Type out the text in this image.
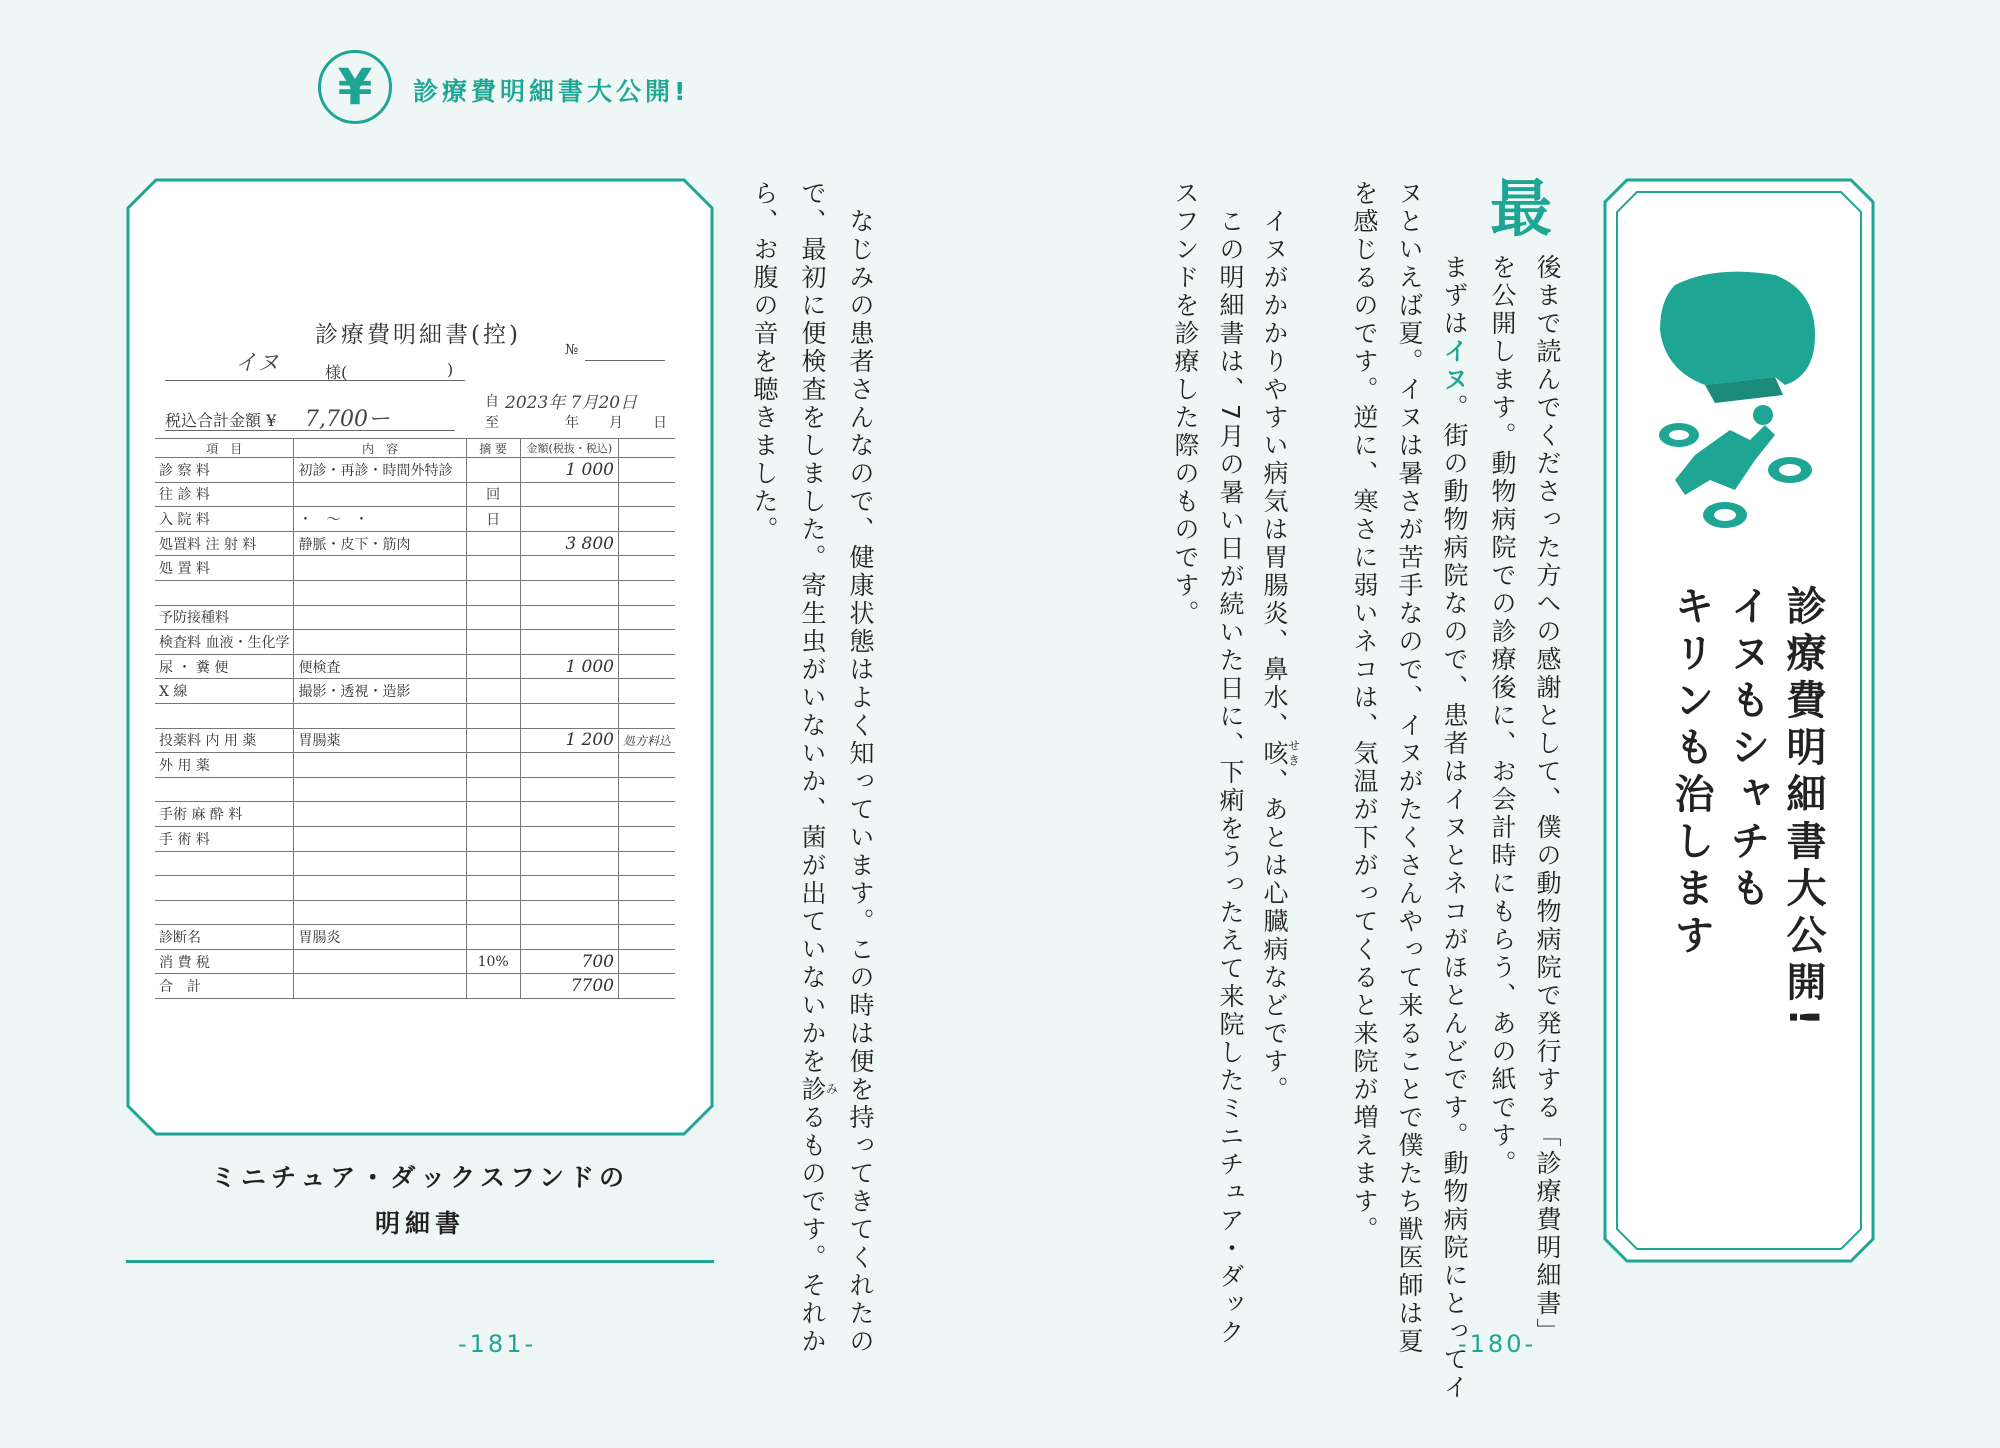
¥ 診療費明細書大公開!
診療費明細書(控)
№
イヌ	様(	)
自 2023年 7月20日
至	年　月　日
税込合計金額 ¥ 7,700ー
項　目	内　容	摘 要	金額(税抜・税込)	
診 察 料	初診・再診・時間外特診		1 000	
往 診 料		回		
入 院 料	・　～　・	日		
処置料 注 射 料	静脈・皮下・筋肉		3 800	
処 置 料				

予防接種料				
検査料 血液・生化学				
尿 ・ 糞 便	便検査		1 000	
X 線	撮影・透視・造影			

投薬料 内 用 薬	胃腸薬		1 200	処方料込
外 用 薬				

手術 麻 酔 料				
手 術 料				

診断名	胃腸炎			
消 費 税		10%	700	
合　計			7700	
ミニチュア・ダックスフンドの
明細書	なじみの患者さんなので、健康状態はよく知っています。この時は便を持ってきてくれたの
で、最初に便検査をしました。寄生虫がいないか、菌が出ていないかを診みるものです。それか
ら、お腹の音を聴きました。
-181-
最
後まで読んでくださった方への感謝として、僕の動物病院で発行する「診療費明細書」
を公開します。動物病院での診療後に、お会計時にもらう、あの紙です。
まずはイヌ。街の動物病院なので、患者はイヌとネコがほとんどです。動物病院にとってイ
ヌといえば夏。イヌは暑さが苦手なので、イヌがたくさんやって来ることで僕たち獣医師は夏
を感じるのです。逆に、寒さに弱いネコは、気温が下がってくると来院が増えます。
イヌがかかりやすい病気は胃腸炎、鼻水、咳せき、あとは心臓病などです。
この明細書は、7月の暑い日が続いた日に、下痢をうったえて来院したミニチュア・ダック
スフンドを診療した際のものです。
-180-
診療費明細書大公開!
イヌもシャチも
キリンも治します
